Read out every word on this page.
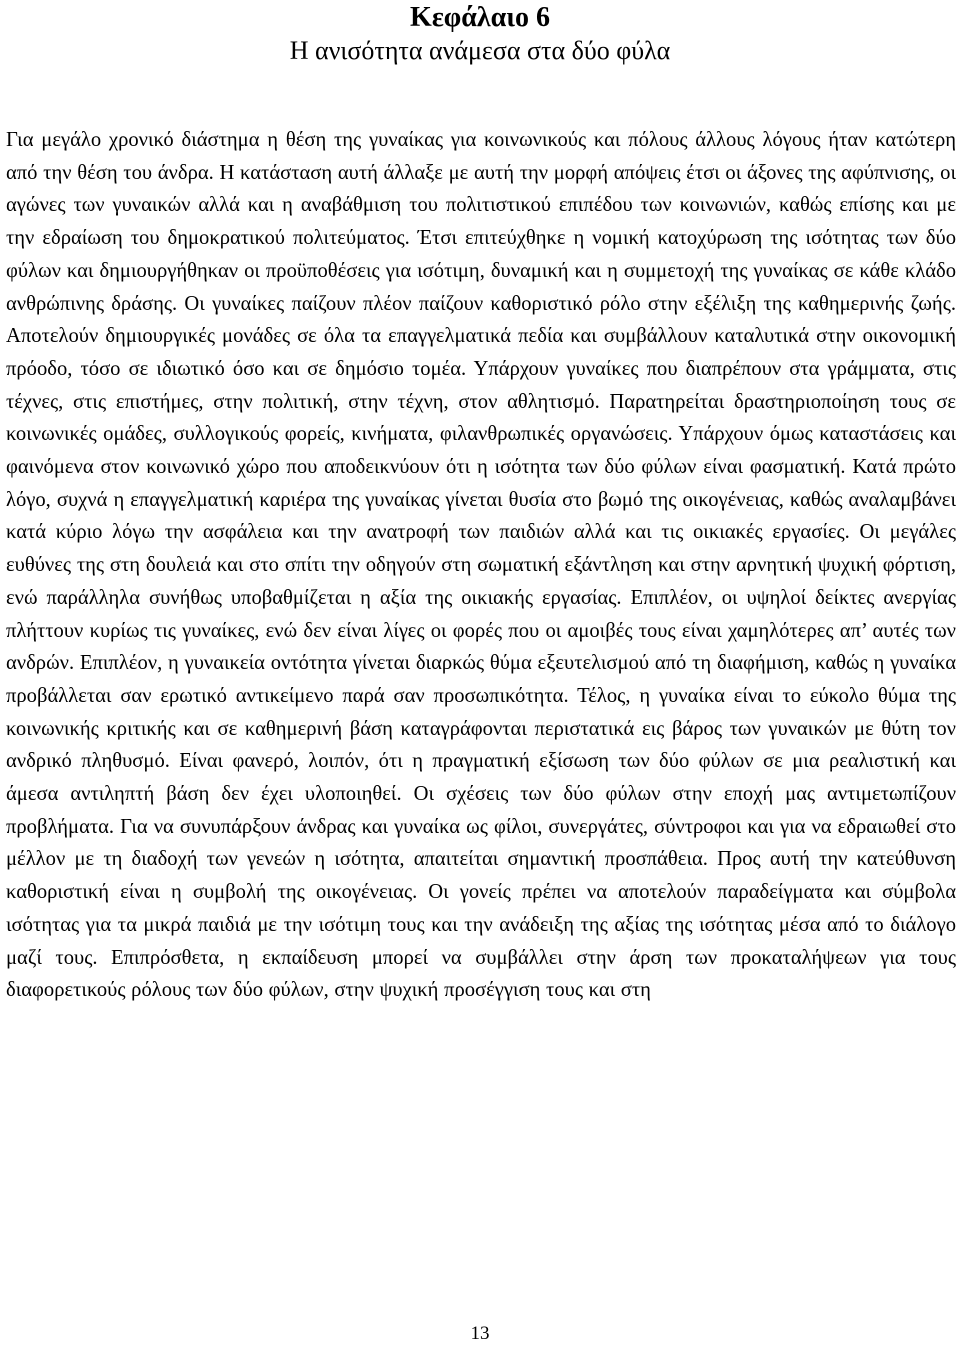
Κεφάλαιο 6
Η ανισότητα ανάμεσα στα δύο φύλα

Για μεγάλο χρονικό διάστημα η θέση της γυναίκας για κοινωνικούς και πόλους άλλους λόγους ήταν κατώτερη από την θέση του άνδρα. Η κατάσταση αυτή άλλαξε με αυτή την μορφή απόψεις έτσι οι άξονες της αφύπνισης, οι αγώνες των γυναικών αλλά και η αναβάθμιση του πολιτιστικού επιπέδου των κοινωνιών, καθώς επίσης και με την εδραίωση του δημοκρατικού πολιτεύματος. Έτσι επιτεύχθηκε η νομική κατοχύρωση της ισότητας των δύο φύλων και δημιουργήθηκαν οι προϋποθέσεις για ισότιμη, δυναμική και η συμμετοχή της γυναίκας σε κάθε κλάδο ανθρώπινης δράσης. Οι γυναίκες παίζουν πλέον παίζουν καθοριστικό ρόλο στην εξέλιξη της καθημερινής ζωής. Αποτελούν δημιουργικές μονάδες σε όλα τα επαγγελματικά πεδία και συμβάλλουν καταλυτικά στην οικονομική πρόοδο, τόσο σε ιδιωτικό όσο και σε δημόσιο τομέα. Υπάρχουν γυναίκες που διαπρέπουν στα γράμματα, στις τέχνες, στις επιστήμες, στην πολιτική, στην τέχνη, στον αθλητισμό. Παρατηρείται δραστηριοποίηση τους σε κοινωνικές ομάδες, συλλογικούς φορείς, κινήματα, φιλανθρωπικές οργανώσεις. Υπάρχουν όμως καταστάσεις και φαινόμενα στον κοινωνικό χώρο που αποδεικνύουν ότι η ισότητα των δύο φύλων είναι φασματική. Κατά πρώτο λόγο, συχνά η επαγγελματική καριέρα της γυναίκας γίνεται θυσία στο βωμό της οικογένειας, καθώς αναλαμβάνει κατά κύριο λόγω την ασφάλεια και την ανατροφή των παιδιών αλλά και τις οικιακές εργασίες. Οι μεγάλες ευθύνες της στη δουλειά και στο σπίτι την οδηγούν στη σωματική εξάντληση και στην αρνητική ψυχική φόρτιση, ενώ παράλληλα συνήθως υποβαθμίζεται η αξία της οικιακής εργασίας. Επιπλέον, οι υψηλοί δείκτες ανεργίας πλήττουν κυρίως τις γυναίκες, ενώ δεν είναι λίγες οι φορές που οι αμοιβές τους είναι χαμηλότερες απ’ αυτές των ανδρών. Επιπλέον, η γυναικεία οντότητα γίνεται διαρκώς θύμα εξευτελισμού από τη διαφήμιση, καθώς η γυναίκα προβάλλεται σαν ερωτικό αντικείμενο παρά σαν προσωπικότητα. Τέλος, η γυναίκα είναι το εύκολο θύμα της κοινωνικής κριτικής και σε καθημερινή βάση καταγράφονται περιστατικά εις βάρος των γυναικών με θύτη τον ανδρικό πληθυσμό. Είναι φανερό, λοιπόν, ότι η πραγματική εξίσωση των δύο φύλων σε μια ρεαλιστική και άμεσα αντιληπτή βάση δεν έχει υλοποιηθεί. Οι σχέσεις των δύο φύλων στην εποχή μας αντιμετωπίζουν προβλήματα. Για να συνυπάρξουν άνδρας και γυναίκα ως φίλοι, συνεργάτες, σύντροφοι και για να εδραιωθεί στο μέλλον με τη διαδοχή των γενεών η ισότητα, απαιτείται σημαντική προσπάθεια. Προς αυτή την κατεύθυνση καθοριστική είναι η συμβολή της οικογένειας. Οι γονείς πρέπει να αποτελούν παραδείγματα και σύμβολα ισότητας για τα μικρά παιδιά με την ισότιμη τους και την ανάδειξη της αξίας της ισότητας μέσα από το διάλογο μαζί τους. Επιπρόσθετα, η εκπαίδευση μπορεί να συμβάλλει στην άρση των προκαταλήψεων για τους διαφορετικούς ρόλους των δύο φύλων, στην ψυχική προσέγγιση τους και στη

13
